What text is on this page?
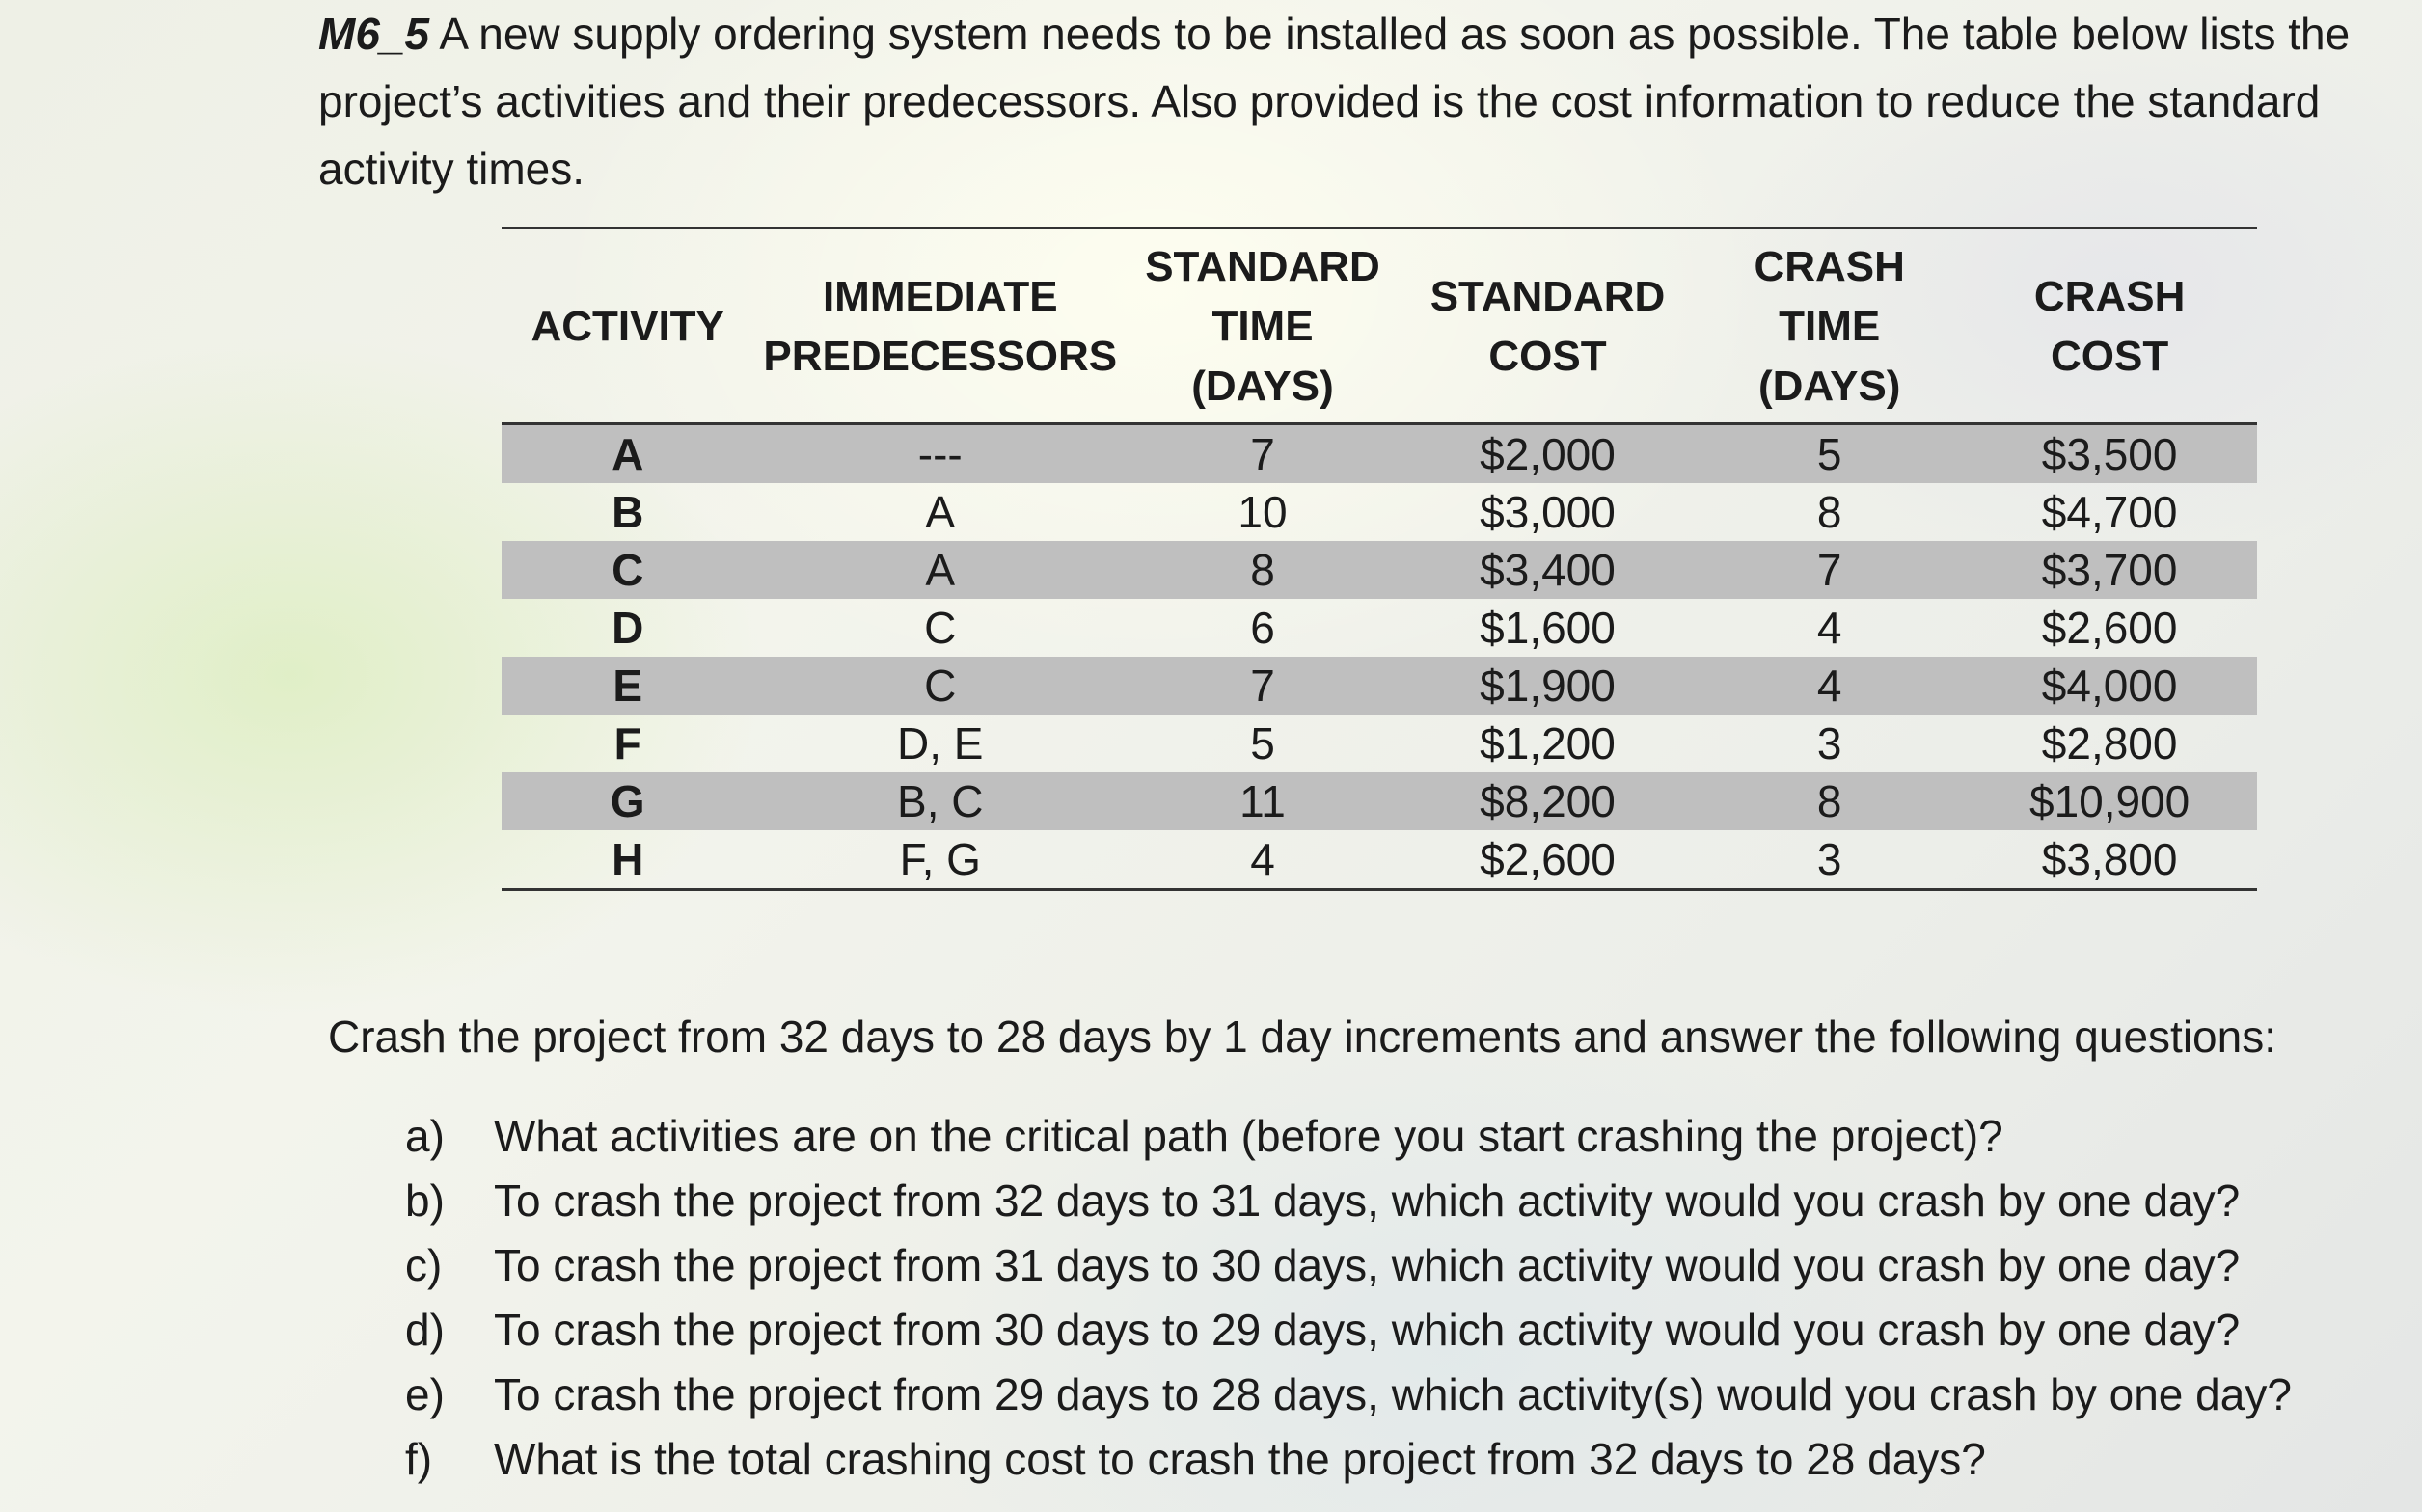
M6_5 A new supply ordering system needs to be installed as soon as possible. The table below lists the project’s activities and their predecessors. Also provided is the cost information to reduce the standard activity times.
ACTIVITY	IMMEDIATE PREDECESSORS	STANDARD TIME (DAYS)	STANDARD COST	CRASH TIME (DAYS)	CRASH COST
A	---	7	$2,000	5	$3,500
B	A	10	$3,000	8	$4,700
C	A	8	$3,400	7	$3,700
D	C	6	$1,600	4	$2,600
E	C	7	$1,900	4	$4,000
F	D, E	5	$1,200	3	$2,800
G	B, C	11	$8,200	8	$10,900
H	F, G	4	$2,600	3	$3,800
Crash the project from 32 days to 28 days by 1 day increments and answer the following questions:
a)	What activities are on the critical path (before you start crashing the project)?
b)	To crash the project from 32 days to 31 days, which activity would you crash by one day?
c)	To crash the project from 31 days to 30 days, which activity would you crash by one day?
d)	To crash the project from 30 days to 29 days, which activity would you crash by one day?
e)	To crash the project from 29 days to 28 days, which activity(s) would you crash by one day?
f)	What is the total crashing cost to crash the project from 32 days to 28 days?
